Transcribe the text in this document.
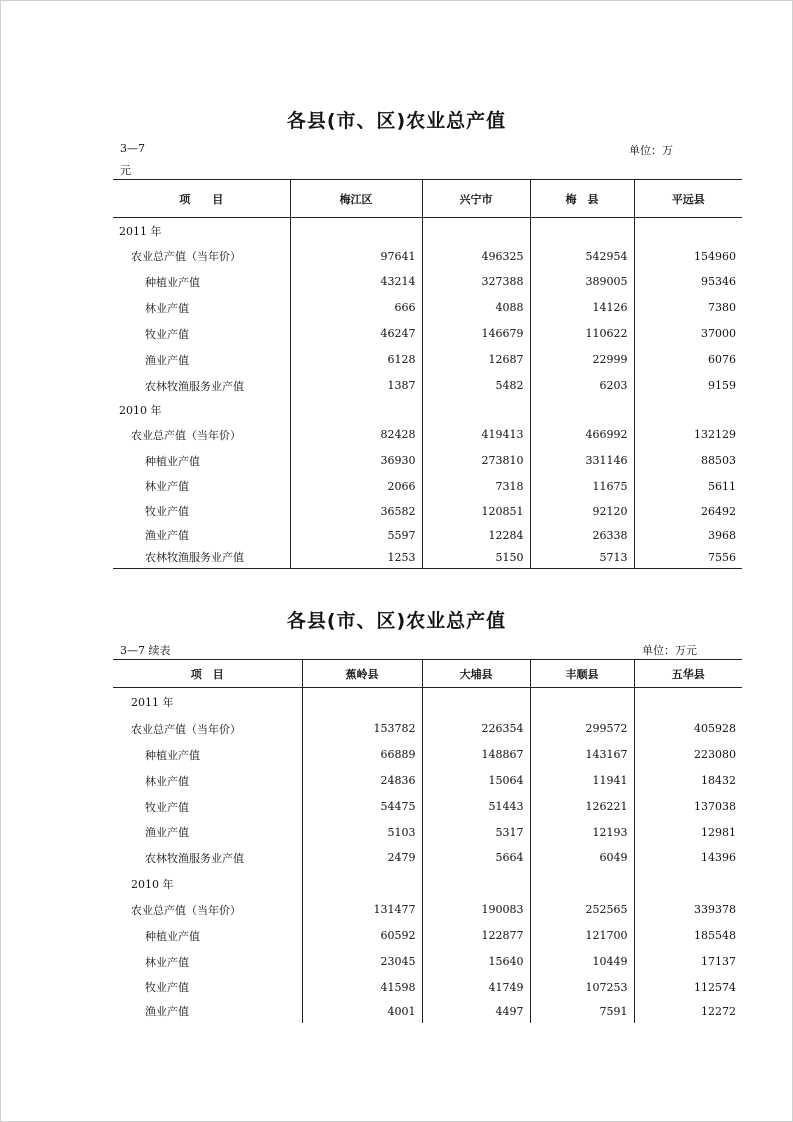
各县(市、区)农业总产值
3—7	单位：万
元
项　　目	梅江区	兴宁市	梅　县	平远县
2011 年				
农业总产值（当年价）	97641	496325	542954	154960
种植业产值	43214	327388	389005	95346
林业产值	666	4088	14126	7380
牧业产值	46247	146679	110622	37000
渔业产值	6128	12687	22999	6076
农林牧渔服务业产值	1387	5482	6203	9159
2010 年				
农业总产值（当年价）	82428	419413	466992	132129
种植业产值	36930	273810	331146	88503
林业产值	2066	7318	11675	5611
牧业产值	36582	120851	92120	26492
渔业产值	5597	12284	26338	3968
农林牧渔服务业产值	1253	5150	5713	7556
各县(市、区)农业总产值
3—7 续表	单位：万元
项　目	蕉岭县	大埔县	丰顺县	五华县
2011 年				
农业总产值（当年价）	153782	226354	299572	405928
种植业产值	66889	148867	143167	223080
林业产值	24836	15064	11941	18432
牧业产值	54475	51443	126221	137038
渔业产值	5103	5317	12193	12981
农林牧渔服务业产值	2479	5664	6049	14396
2010 年				
农业总产值（当年价）	131477	190083	252565	339378
种植业产值	60592	122877	121700	185548
林业产值	23045	15640	10449	17137
牧业产值	41598	41749	107253	112574
渔业产值	4001	4497	7591	12272
